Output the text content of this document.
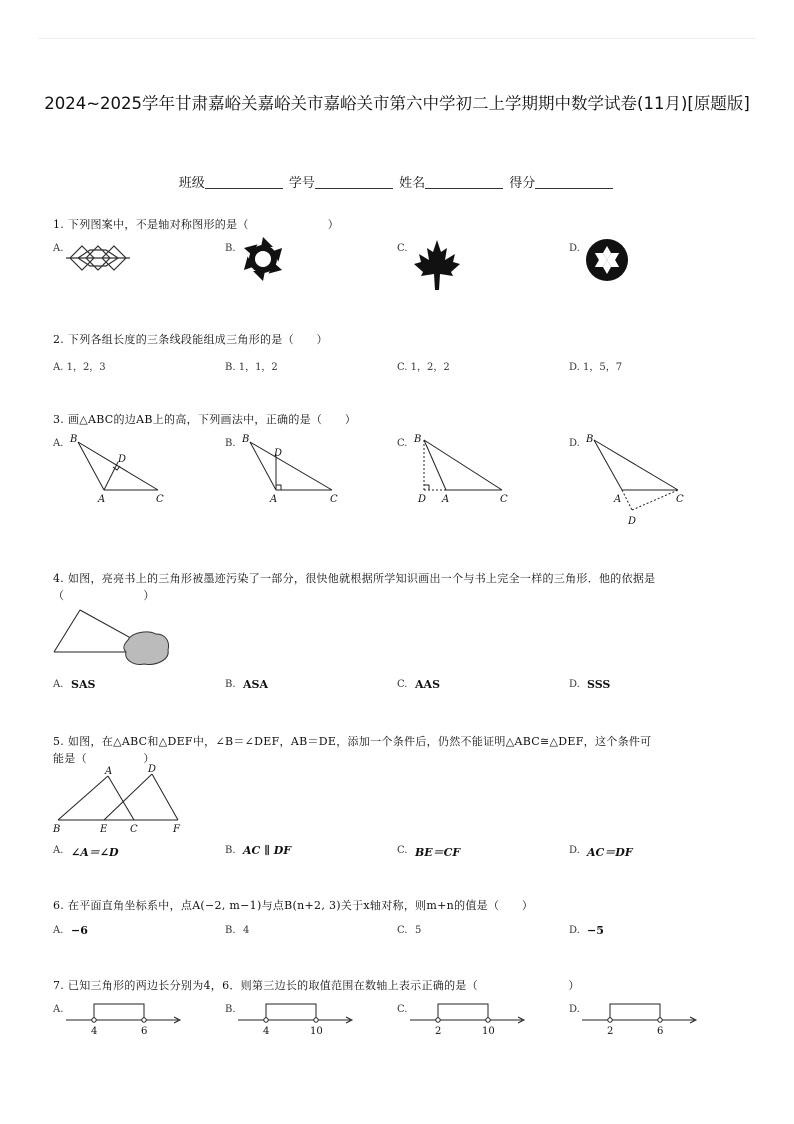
2024~2025学年甘肃嘉峪关嘉峪关市嘉峪关市第六中学初二上学期期中数学试卷(11月)[原题版]
班级	学号	姓名	得分
1. 下列图案中，不是轴对称图形的是（　　　　　　　）
A.	B.	C.	D.
2. 下列各组长度的三条线段能组成三角形的是（　　）
A. 1，2，3	B. 1，1，2	C. 1，2，2	D. 1，5，7
3. 画△ABC的边AB上的高，下列画法中，正确的是（　　）
A.	B.	C.	D.
B
D
A	C
B
D
A	C
B
D A	C
B
D
A	C
4. 如图，亮亮书上的三角形被墨迹污染了一部分，很快他就根据所学知识画出一个与书上完全一样的三角形．他的依据是
（　　　　　　　）
A. SAS	B. ASA	C. AAS	D. SSS
5. 如图，在△ABC和△DEF中，∠B＝∠DEF，AB＝DE，添加一个条件后，仍然不能证明△ABC≅△DEF，这个条件可
能是（　　　　　）
A	D
B	E C	F
A. ∠A＝∠D	B. AC ∥ DF	C. BE＝CF	D. AC＝DF
6. 在平面直角坐标系中，点A(−2, m−1)与点B(n+2, 3)关于x轴对称，则m+n的值是（　　）
A. −6	B. 4	C. 5	D. −5
7. 已知三角形的两边长分别为4，6．则第三边长的取值范围在数轴上表示正确的是（　　　　　　　　）
A.	B.	C.	D.
4	6	4	10	2	10	2	6
